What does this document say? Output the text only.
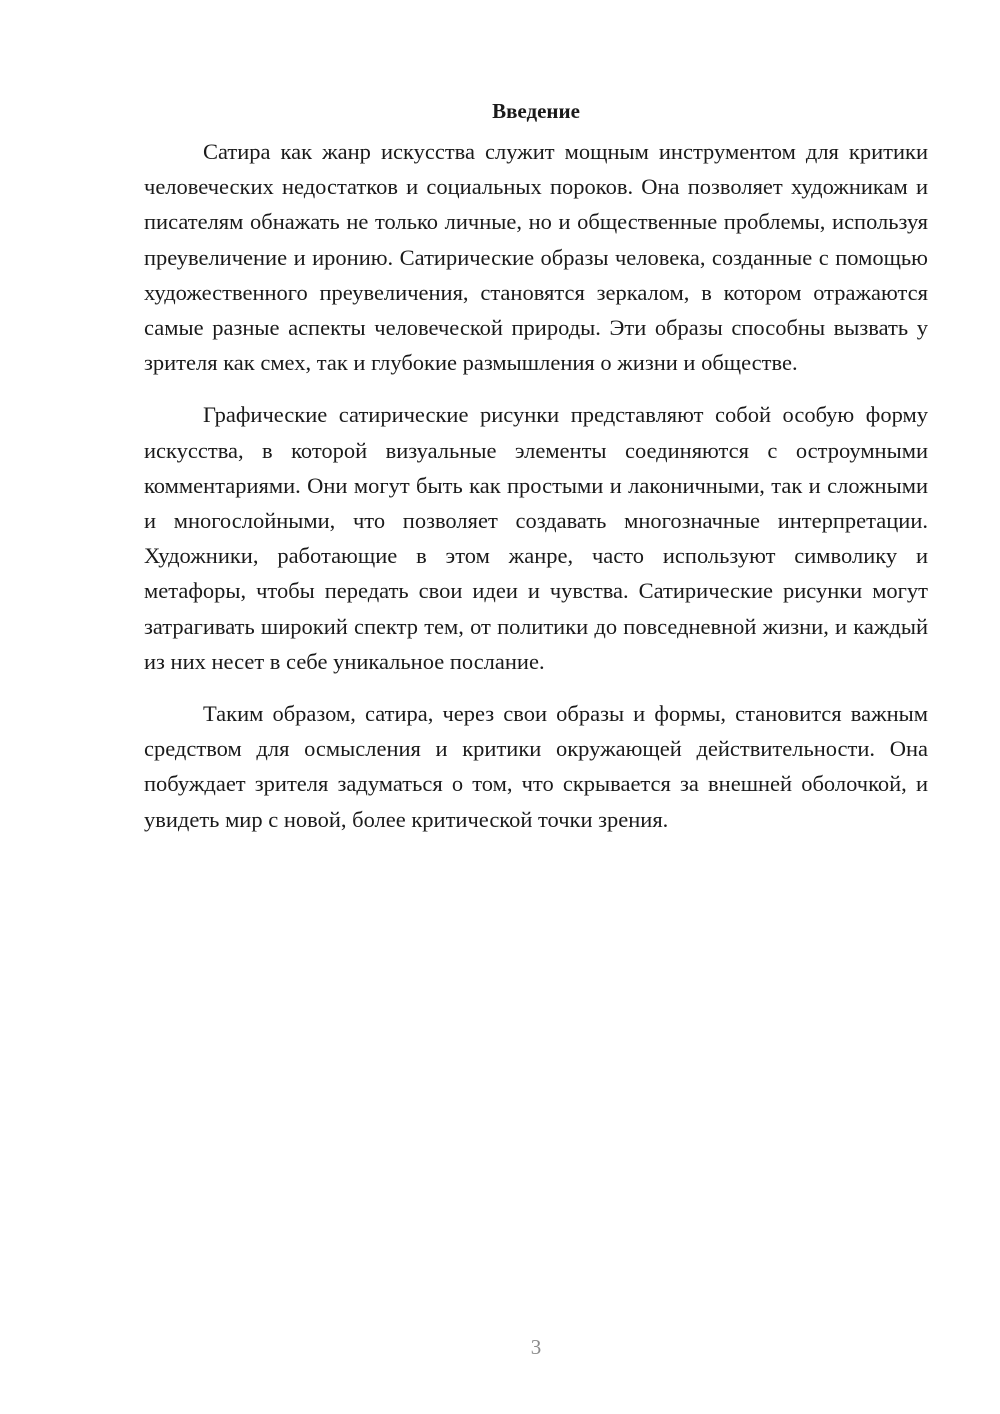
Введение

Сатира как жанр искусства служит мощным инструментом для критики человеческих недостатков и социальных пороков. Она позволяет художникам и писателям обнажать не только личные, но и общественные проблемы, используя преувеличение и иронию. Сатирические образы человека, созданные с помощью художественного преувеличения, становятся зеркалом, в котором отражаются самые разные аспекты человеческой природы. Эти образы способны вызвать у зрителя как смех, так и глубокие размышления о жизни и обществе.

Графические сатирические рисунки представляют собой особую форму искусства, в которой визуальные элементы соединяются с остроумными комментариями. Они могут быть как простыми и лаконичными, так и сложными и многослойными, что позволяет создавать многозначные интерпретации. Художники, работающие в этом жанре, часто используют символику и метафоры, чтобы передать свои идеи и чувства. Сатирические рисунки могут затрагивать широкий спектр тем, от политики до повседневной жизни, и каждый из них несет в себе уникальное послание.

Таким образом, сатира, через свои образы и формы, становится важным средством для осмысления и критики окружающей действительности. Она побуждает зрителя задуматься о том, что скрывается за внешней оболочкой, и увидеть мир с новой, более критической точки зрения.

3
